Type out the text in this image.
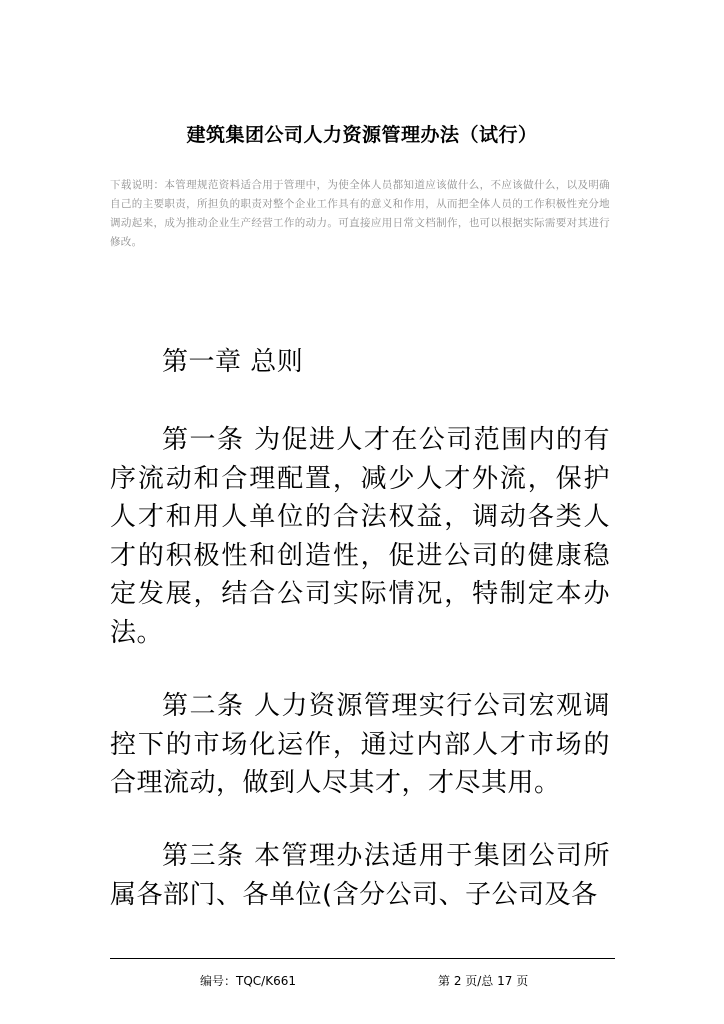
建筑集团公司人力资源管理办法（试行）
下载说明：本管理规范资料适合用于管理中，为使全体人员都知道应该做什么，不应该做什么，以及明确自己的主要职责，所担负的职责对整个企业工作具有的意义和作用，从而把全体人员的工作积极性充分地调动起来，成为推动企业生产经营工作的动力。可直接应用日常文档制作，也可以根据实际需要对其进行修改。
第一章 总则
第一条 为促进人才在公司范围内的有序流动和合理配置，减少人才外流，保护人才和用人单位的合法权益，调动各类人才的积极性和创造性，促进公司的健康稳定发展，结合公司实际情况，特制定本办法。
第二条 人力资源管理实行公司宏观调控下的市场化运作，通过内部人才市场的合理流动，做到人尽其才，才尽其用。
第三条 本管理办法适用于集团公司所属各部门、各单位(含分公司、子公司及各
编号：TQC/K661	第 2 页/总 17 页
